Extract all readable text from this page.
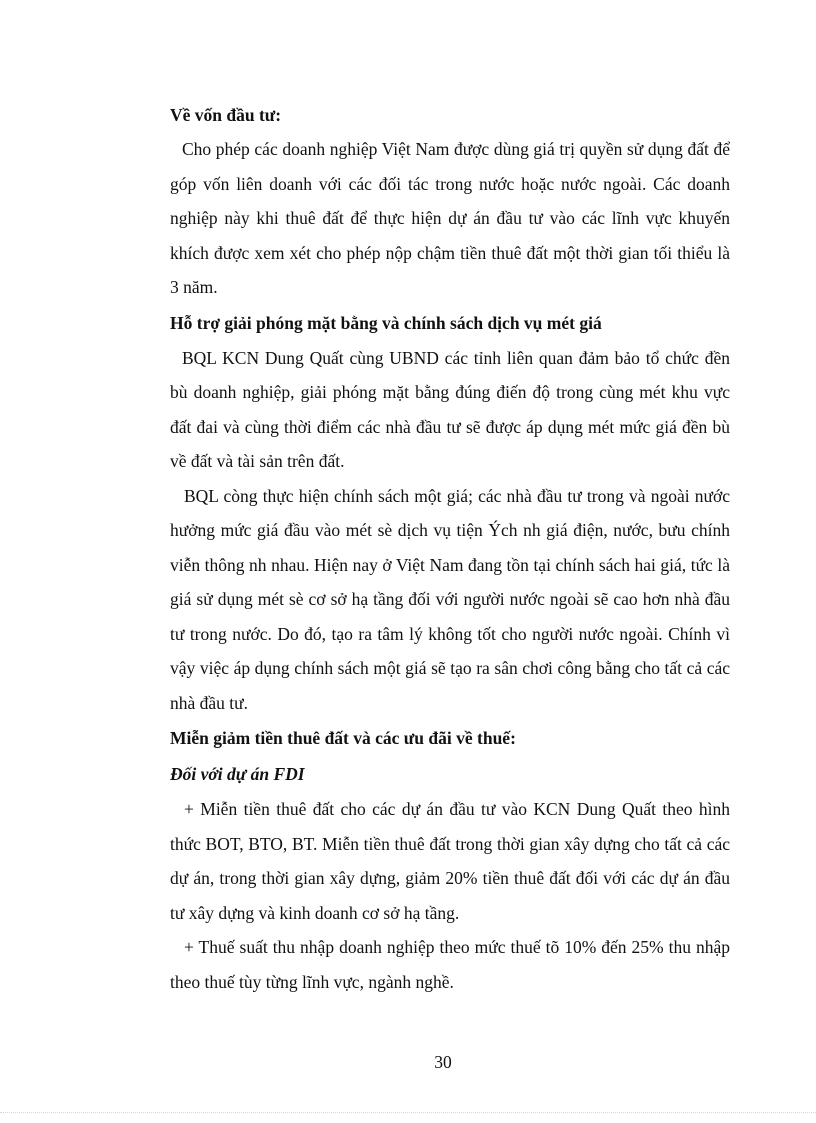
Về vốn đầu tư:

Cho phép các doanh nghiệp Việt Nam được dùng giá trị quyền sử dụng đất để góp vốn liên doanh với các đối tác trong nước hoặc nước ngoài. Các doanh nghiệp này khi thuê đất để thực hiện dự án đầu tư vào các lĩnh vực khuyến khích được xem xét cho phép nộp chậm tiền thuê đất một thời gian tối thiểu là 3 năm.

Hỗ trợ giải phóng mặt bằng và chính sách dịch vụ mét giá

BQL KCN Dung Quất cùng UBND các tỉnh liên quan đảm bảo tổ chức đền bù doanh nghiệp, giải phóng mặt bằng đúng điến độ trong cùng mét khu vực đất đai và cùng thời điểm các nhà đầu tư sẽ được áp dụng mét mức giá đền bù về đất và tài sản trên đất.

BQL còng thực hiện chính sách một giá; các nhà đầu tư trong và ngoài nước hưởng mức giá đầu vào mét sè dịch vụ tiện Ých nh giá điện, nước, bưu chính viễn thông nh nhau. Hiện nay ở Việt Nam đang tồn tại chính sách hai giá, tức là giá sử dụng mét sè cơ sở hạ tầng đối với người nước ngoài sẽ cao hơn nhà đầu tư trong nước. Do đó, tạo ra tâm lý không tốt cho người nước ngoài. Chính vì vậy việc áp dụng chính sách một giá sẽ tạo ra sân chơi công bằng cho tất cả các nhà đầu tư.

Miễn giảm tiền thuê đất và các ưu đãi về thuế:

Đối với dự án FDI

+ Miễn tiền thuê đất cho các dự án đầu tư vào KCN Dung Quất theo hình thức BOT, BTO, BT. Miễn tiền thuê đất trong thời gian xây dựng cho tất cả các dự án, trong thời gian xây dựng, giảm 20% tiền thuê đất đối với các dự án đầu tư xây dựng và kinh doanh cơ sở hạ tầng.

+ Thuế suất thu nhập doanh nghiệp theo mức thuế tõ 10% đến 25% thu nhập theo thuế tùy từng lĩnh vực, ngành nghề.

30
